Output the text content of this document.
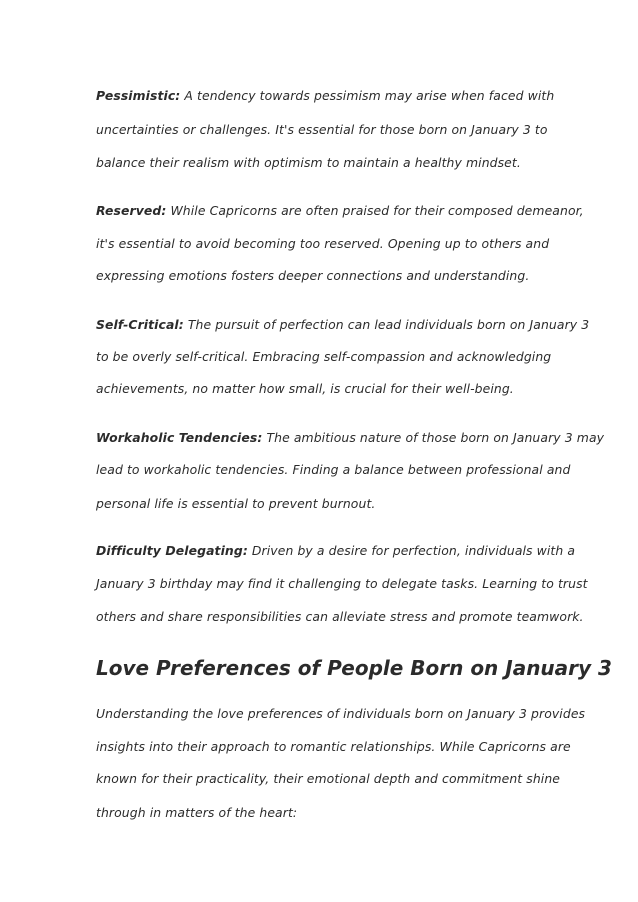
Pessimistic: A tendency towards pessimism may arise when faced with
uncertainties or challenges. It's essential for those born on January 3 to
balance their realism with optimism to maintain a healthy mindset.
Reserved: While Capricorns are often praised for their composed demeanor,
it's essential to avoid becoming too reserved. Opening up to others and
expressing emotions fosters deeper connections and understanding.
Self-Critical: The pursuit of perfection can lead individuals born on January 3
to be overly self-critical. Embracing self-compassion and acknowledging
achievements, no matter how small, is crucial for their well-being.
Workaholic Tendencies: The ambitious nature of those born on January 3 may
lead to workaholic tendencies. Finding a balance between professional and
personal life is essential to prevent burnout.
Difficulty Delegating: Driven by a desire for perfection, individuals with a
January 3 birthday may find it challenging to delegate tasks. Learning to trust
others and share responsibilities can alleviate stress and promote teamwork.
Love Preferences of People Born on January 3
Understanding the love preferences of individuals born on January 3 provides
insights into their approach to romantic relationships. While Capricorns are
known for their practicality, their emotional depth and commitment shine
through in matters of the heart:
